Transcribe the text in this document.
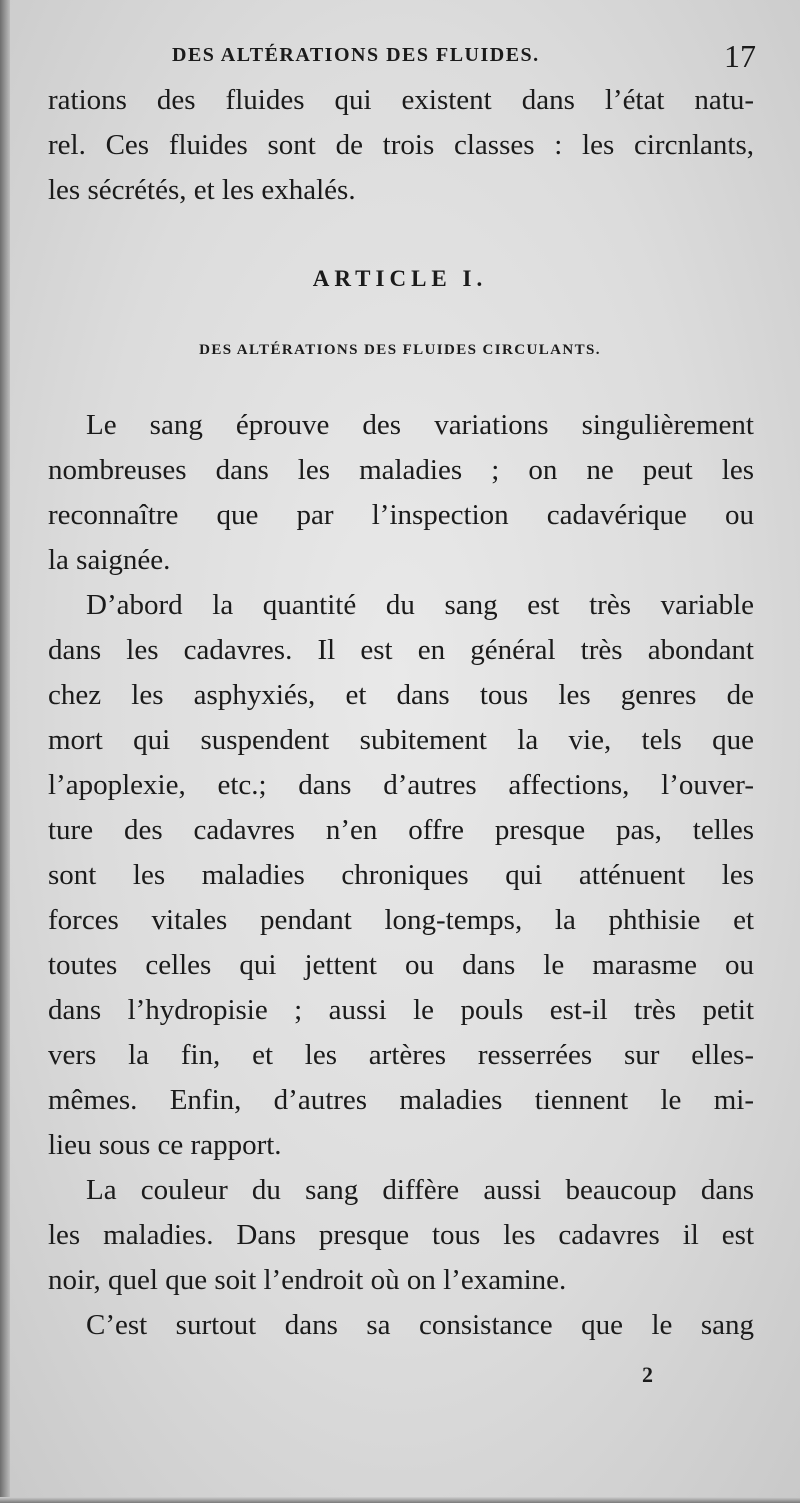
DES ALTÉRATIONS DES FLUIDES.	17
rations des fluides qui existent dans l’état natu-
rel. Ces fluides sont de trois classes : les circnlants,
les sécrétés, et les exhalés.
ARTICLE I.
DES ALTÉRATIONS DES FLUIDES CIRCULANTS.
Le sang éprouve des variations singulièrement
nombreuses dans les maladies ; on ne peut les
reconnaître que par l’inspection cadavérique ou
la saignée.
D’abord la quantité du sang est très variable
dans les cadavres. Il est en général très abondant
chez les asphyxiés, et dans tous les genres de
mort qui suspendent subitement la vie, tels que
l’apoplexie, etc.; dans d’autres affections, l’ouver-
ture des cadavres n’en offre presque pas, telles
sont les maladies chroniques qui atténuent les
forces vitales pendant long-temps, la phthisie et
toutes celles qui jettent ou dans le marasme ou
dans l’hydropisie ; aussi le pouls est-il très petit
vers la fin, et les artères resserrées sur elles-
mêmes. Enfin, d’autres maladies tiennent le mi-
lieu sous ce rapport.
La couleur du sang diffère aussi beaucoup dans
les maladies. Dans presque tous les cadavres il est
noir, quel que soit l’endroit où on l’examine.
C’est surtout dans sa consistance que le sang
2
